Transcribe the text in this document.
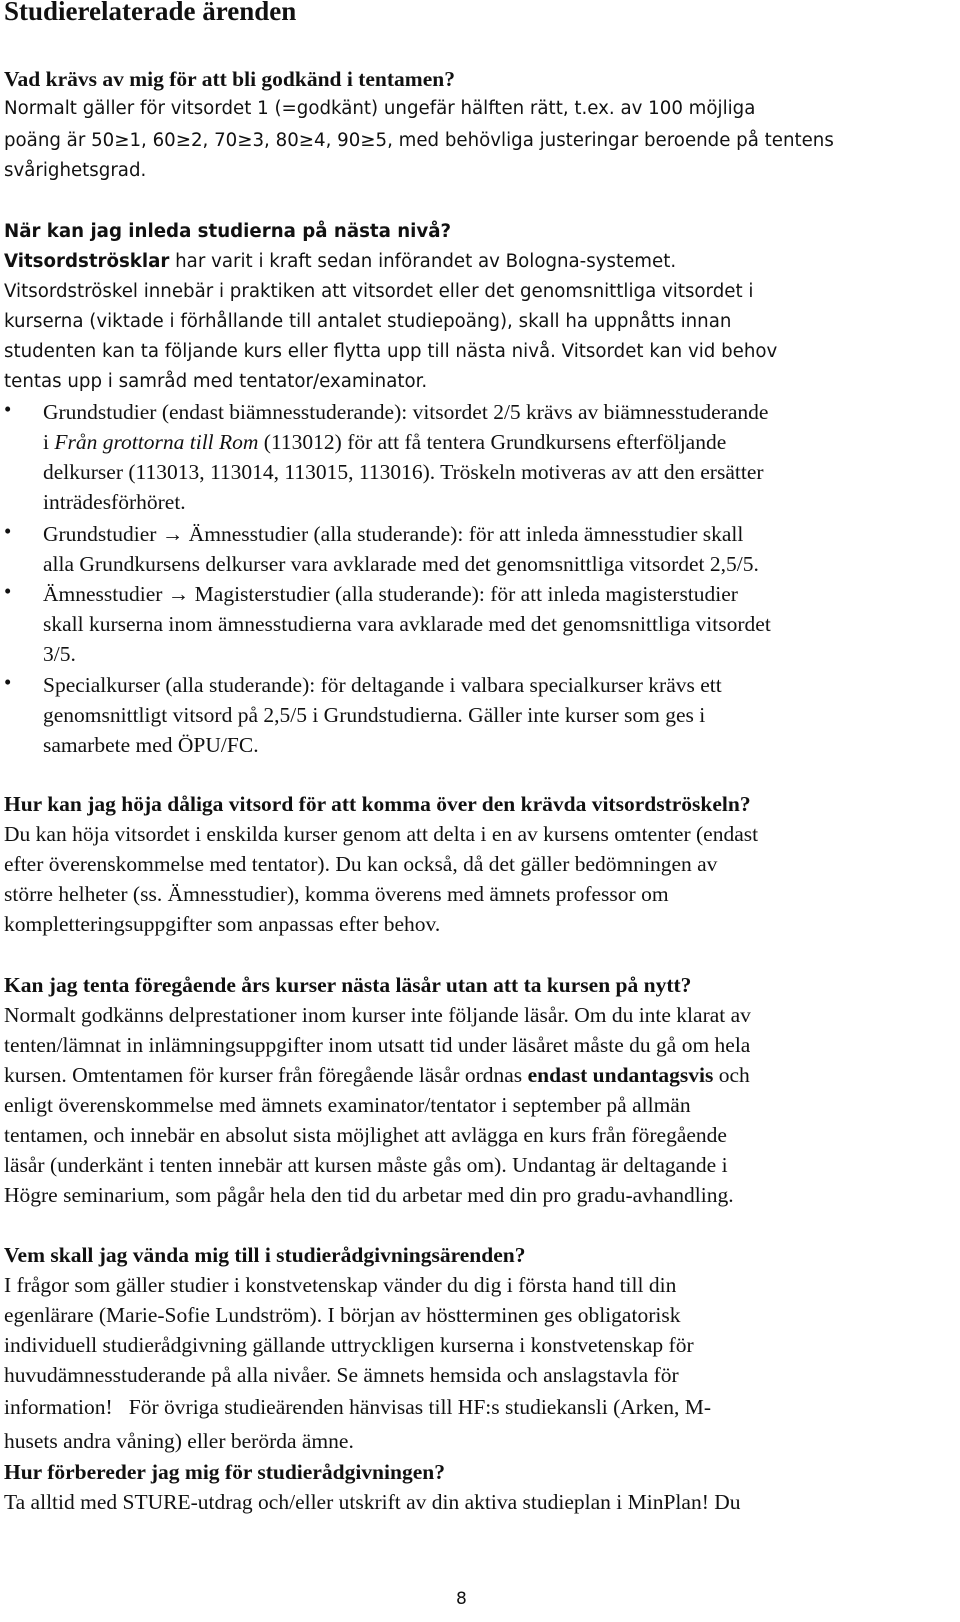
Studierelaterade ärenden
Vad krävs av mig för att bli godkänd i tentamen?
Normalt gäller för vitsordet 1 (=godkänt) ungefär hälften rätt, t.ex. av 100 möjliga
poäng är 50≥1, 60≥2, 70≥3, 80≥4, 90≥5, med behövliga justeringar beroende på tentens
svårighetsgrad.
När kan jag inleda studierna på nästa nivå?
Vitsordströsklar har varit i kraft sedan införandet av Bologna-systemet.
Vitsordströskel innebär i praktiken att vitsordet eller det genomsnittliga vitsordet i
kurserna (viktade i förhållande till antalet studiepoäng), skall ha uppnåtts innan
studenten kan ta följande kurs eller flytta upp till nästa nivå. Vitsordet kan vid behov
tentas upp i samråd med tentator/examinator.
• Grundstudier (endast biämnesstuderande): vitsordet 2/5 krävs av biämnesstuderande
i Från grottorna till Rom (113012) för att få tentera Grundkursens efterföljande
delkurser (113013, 113014, 113015, 113016). Tröskeln motiveras av att den ersätter
inträdesförhöret.
• Grundstudier → Ämnesstudier (alla studerande): för att inleda ämnesstudier skall
alla Grundkursens delkurser vara avklarade med det genomsnittliga vitsordet 2,5/5.
• Ämnesstudier → Magisterstudier (alla studerande): för att inleda magisterstudier
skall kurserna inom ämnesstudierna vara avklarade med det genomsnittliga vitsordet
3/5.
• Specialkurser (alla studerande): för deltagande i valbara specialkurser krävs ett
genomsnittligt vitsord på 2,5/5 i Grundstudierna. Gäller inte kurser som ges i
samarbete med ÖPU/FC.
Hur kan jag höja dåliga vitsord för att komma över den krävda vitsordströskeln?
Du kan höja vitsordet i enskilda kurser genom att delta i en av kursens omtenter (endast
efter överenskommelse med tentator). Du kan också, då det gäller bedömningen av
större helheter (ss. Ämnesstudier), komma överens med ämnets professor om
kompletteringsuppgifter som anpassas efter behov.
Kan jag tenta föregående års kurser nästa läsår utan att ta kursen på nytt?
Normalt godkänns delprestationer inom kurser inte följande läsår. Om du inte klarat av
tenten/lämnat in inlämningsuppgifter inom utsatt tid under läsåret måste du gå om hela
kursen. Omtentamen för kurser från föregående läsår ordnas endast undantagsvis och
enligt överenskommelse med ämnets examinator/tentator i september på allmän
tentamen, och innebär en absolut sista möjlighet att avlägga en kurs från föregående
läsår (underkänt i tenten innebär att kursen måste gås om). Undantag är deltagande i
Högre seminarium, som pågår hela den tid du arbetar med din pro gradu-avhandling.
Vem skall jag vända mig till i studierådgivningsärenden?
I frågor som gäller studier i konstvetenskap vänder du dig i första hand till din
egenlärare (Marie-Sofie Lundström). I början av höstterminen ges obligatorisk
individuell studierådgivning gällande uttryckligen kurserna i konstvetenskap för
huvudämnesstuderande på alla nivåer. Se ämnets hemsida och anslagstavla för
information!   För övriga studieärenden hänvisas till HF:s studiekansli (Arken, M-
husets andra våning) eller berörda ämne.
Hur förbereder jag mig för studierådgivningen?
Ta alltid med STURE-utdrag och/eller utskrift av din aktiva studieplan i MinPlan! Du
8
